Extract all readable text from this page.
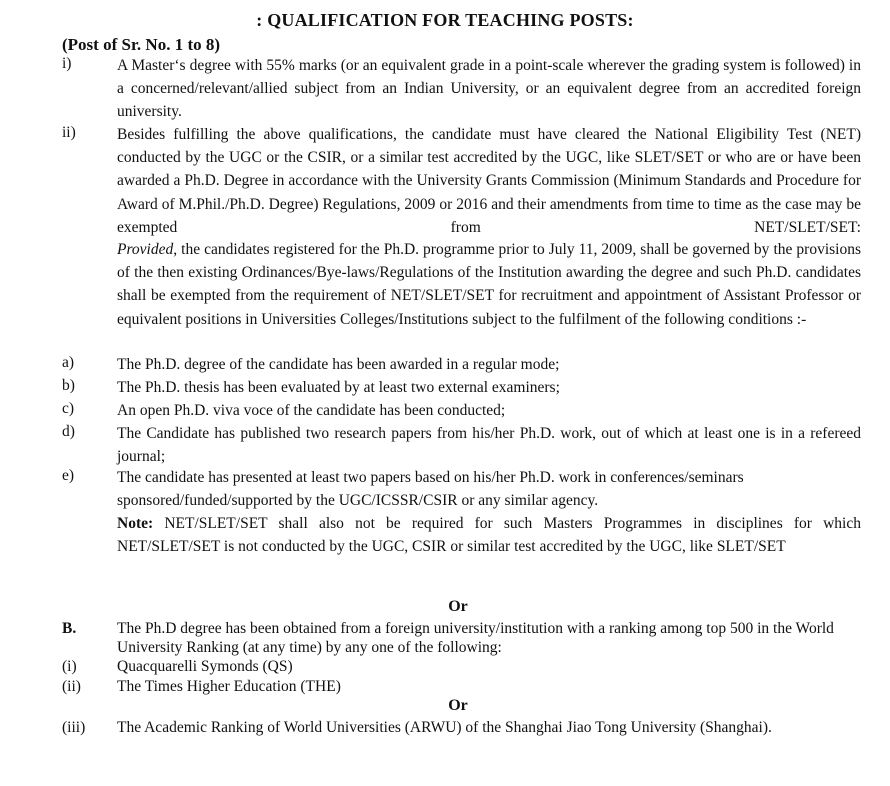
: QUALIFICATION FOR TEACHING POSTS:
(Post of Sr. No. 1 to 8)
i)	A Master‘s degree with 55% marks (or an equivalent grade in a point-scale wherever the grading system is followed) in a concerned/relevant/allied subject from an Indian University, or an equivalent degree from an accredited foreign university.
ii)	Besides fulfilling the above qualifications, the candidate must have cleared the National Eligibility Test (NET) conducted by the UGC or the CSIR, or a similar test accredited by the UGC, like SLET/SET or who are or have been awarded a Ph.D. Degree in accordance with the University Grants Commission (Minimum Standards and Procedure for Award of M.Phil./Ph.D. Degree) Regulations, 2009 or 2016 and their amendments from time to time as the case may be exempted from NET/SLET/SET:
Provided, the candidates registered for the Ph.D. programme prior to July 11, 2009, shall be governed by the provisions of the then existing Ordinances/Bye-laws/Regulations of the Institution awarding the degree and such Ph.D. candidates shall be exempted from the requirement of NET/SLET/SET for recruitment and appointment of Assistant Professor or equivalent positions in Universities Colleges/Institutions subject to the fulfilment of the following conditions :-
a)	The Ph.D. degree of the candidate has been awarded in a regular mode;
b)	The Ph.D. thesis has been evaluated by at least two external examiners;
c)	An open Ph.D. viva voce of the candidate has been conducted;
d)	The Candidate has published two research papers from his/her Ph.D. work, out of which at least one is in a refereed journal;
e)	The candidate has presented at least two papers based on his/her Ph.D. work in conferences/seminars sponsored/funded/supported by the UGC/ICSSR/CSIR or any similar agency.
Note: NET/SLET/SET shall also not be required for such Masters Programmes in disciplines for which NET/SLET/SET is not conducted by the UGC, CSIR or similar test accredited by the UGC, like SLET/SET
Or
B.	The Ph.D degree has been obtained from a foreign university/institution with a ranking among top 500 in the World University Ranking (at any time) by any one of the following:
(i)	Quacquarelli Symonds (QS)
(ii) The Times Higher Education (THE)
Or
(iii) The Academic Ranking of World Universities (ARWU) of the Shanghai Jiao Tong University (Shanghai).
